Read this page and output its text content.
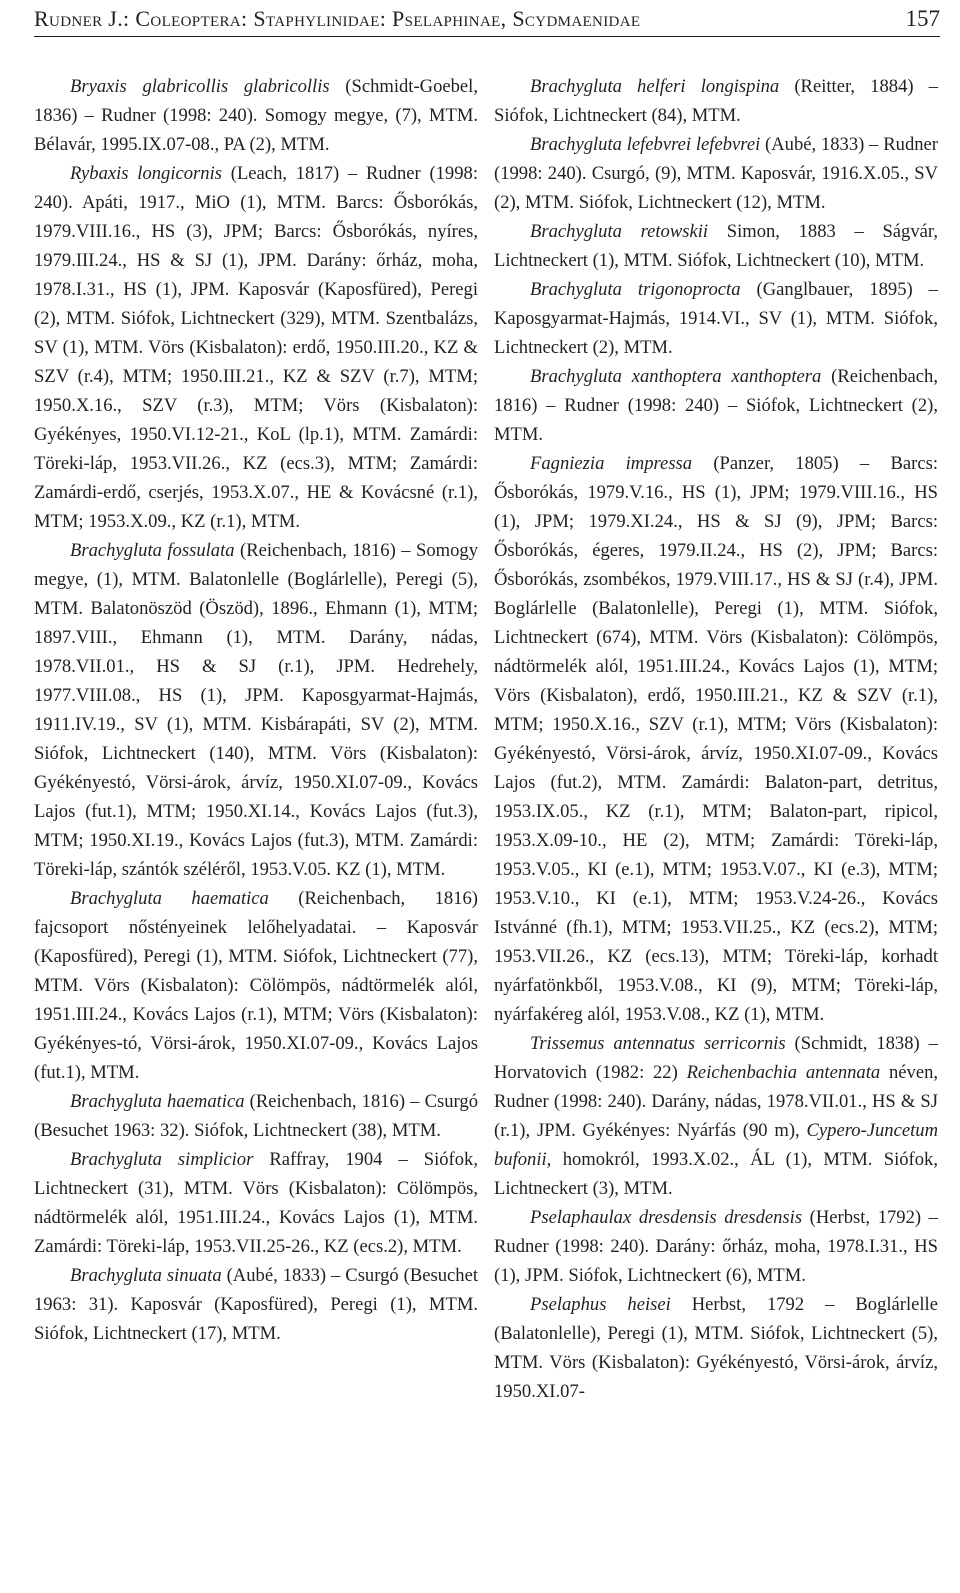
Rudner J.: Coleoptera: Staphylinidae: Pselaphinae, Scydmaenidae	157

Bryaxis glabricollis glabricollis (Schmidt-Goebel, 1836) – Rudner (1998: 240). Somogy megye, (7), MTM. Bélavár, 1995.IX.07-08., PA (2), MTM.

Rybaxis longicornis (Leach, 1817) – Rudner (1998: 240). Apáti, 1917., MiO (1), MTM. Barcs: Ősborókás, 1979.VIII.16., HS (3), JPM; Barcs: Ősborókás, nyíres, 1979.III.24., HS & SJ (1), JPM. Darány: őrház, moha, 1978.I.31., HS (1), JPM. Kaposvár (Kaposfüred), Peregi (2), MTM. Siófok, Lichtneckert (329), MTM. Szentbalázs, SV (1), MTM. Vörs (Kisbalaton): erdő, 1950.III.20., KZ & SZV (r.4), MTM; 1950.III.21., KZ & SZV (r.7), MTM; 1950.X.16., SZV (r.3), MTM; Vörs (Kisbalaton): Gyékényes, 1950.VI.12-21., KoL (lp.1), MTM. Zamárdi: Töreki-láp, 1953.VII.26., KZ (ecs.3), MTM; Zamárdi: Zamárdi-erdő, cserjés, 1953.X.07., HE & Kovácsné (r.1), MTM; 1953.X.09., KZ (r.1), MTM.

Brachygluta fossulata (Reichenbach, 1816) – Somogy megye, (1), MTM. Balatonlelle (Boglárlelle), Peregi (5), MTM. Balatonöszöd (Öszöd), 1896., Ehmann (1), MTM; 1897.VIII., Ehmann (1), MTM. Darány, nádas, 1978.VII.01., HS & SJ (r.1), JPM. Hedrehely, 1977.VIII.08., HS (1), JPM. Kaposgyarmat-Hajmás, 1911.IV.19., SV (1), MTM. Kisbárapáti, SV (2), MTM. Siófok, Lichtneckert (140), MTM. Vörs (Kisbalaton): Gyékényestó, Vörsi-árok, árvíz, 1950.XI.07-09., Kovács Lajos (fut.1), MTM; 1950.XI.14., Kovács Lajos (fut.3), MTM; 1950.XI.19., Kovács Lajos (fut.3), MTM. Zamárdi: Töreki-láp, szántók széléről, 1953.V.05. KZ (1), MTM.

Brachygluta haematica (Reichenbach, 1816) fajcsoport nőstényeinek lelőhelyadatai. – Kaposvár (Kaposfüred), Peregi (1), MTM. Siófok, Lichtneckert (77), MTM. Vörs (Kisbalaton): Cölömpös, nádtörmelék alól, 1951.III.24., Kovács Lajos (r.1), MTM; Vörs (Kisbalaton): Gyékényes-tó, Vörsi-árok, 1950.XI.07-09., Kovács Lajos (fut.1), MTM.

Brachygluta haematica (Reichenbach, 1816) – Csurgó (Besuchet 1963: 32). Siófok, Lichtneckert (38), MTM.

Brachygluta simplicior Raffray, 1904 – Siófok, Lichtneckert (31), MTM. Vörs (Kisbalaton): Cölömpös, nádtörmelék alól, 1951.III.24., Kovács Lajos (1), MTM. Zamárdi: Töreki-láp, 1953.VII.25-26., KZ (ecs.2), MTM.

Brachygluta sinuata (Aubé, 1833) – Csurgó (Besuchet 1963: 31). Kaposvár (Kaposfüred), Peregi (1), MTM. Siófok, Lichtneckert (17), MTM.

Brachygluta helferi longispina (Reitter, 1884) – Siófok, Lichtneckert (84), MTM.

Brachygluta lefebvrei lefebvrei (Aubé, 1833) – Rudner (1998: 240). Csurgó, (9), MTM. Kaposvár, 1916.X.05., SV (2), MTM. Siófok, Lichtneckert (12), MTM.

Brachygluta retowskii Simon, 1883 – Ságvár, Lichtneckert (1), MTM. Siófok, Lichtneckert (10), MTM.

Brachygluta trigonoprocta (Ganglbauer, 1895) – Kaposgyarmat-Hajmás, 1914.VI., SV (1), MTM. Siófok, Lichtneckert (2), MTM.

Brachygluta xanthoptera xanthoptera (Reichenbach, 1816) – Rudner (1998: 240) – Siófok, Lichtneckert (2), MTM.

Fagniezia impressa (Panzer, 1805) – Barcs: Ősborókás, 1979.V.16., HS (1), JPM; 1979.VIII.16., HS (1), JPM; 1979.XI.24., HS & SJ (9), JPM; Barcs: Ősborókás, égeres, 1979.II.24., HS (2), JPM; Barcs: Ősborókás, zsombékos, 1979.VIII.17., HS & SJ (r.4), JPM. Boglárlelle (Balatonlelle), Peregi (1), MTM. Siófok, Lichtneckert (674), MTM. Vörs (Kisbalaton): Cölömpös, nádtörmelék alól, 1951.III.24., Kovács Lajos (1), MTM; Vörs (Kisbalaton), erdő, 1950.III.21., KZ & SZV (r.1), MTM; 1950.X.16., SZV (r.1), MTM; Vörs (Kisbalaton): Gyékényestó, Vörsi-árok, árvíz, 1950.XI.07-09., Kovács Lajos (fut.2), MTM. Zamárdi: Balaton-part, detritus, 1953.IX.05., KZ (r.1), MTM; Balaton-part, ripicol, 1953.X.09-10., HE (2), MTM; Zamárdi: Töreki-láp, 1953.V.05., KI (e.1), MTM; 1953.V.07., KI (e.3), MTM; 1953.V.10., KI (e.1), MTM; 1953.V.24-26., Kovács Istvánné (fh.1), MTM; 1953.VII.25., KZ (ecs.2), MTM; 1953.VII.26., KZ (ecs.13), MTM; Töreki-láp, korhadt nyárfatönkből, 1953.V.08., KI (9), MTM; Töreki-láp, nyárfakéreg alól, 1953.V.08., KZ (1), MTM.

Trissemus antennatus serricornis (Schmidt, 1838) – Horvatovich (1982: 22) Reichenbachia antennata néven, Rudner (1998: 240). Darány, nádas, 1978.VII.01., HS & SJ (r.1), JPM. Gyékényes: Nyárfás (90 m), Cypero-Juncetum bufonii, homokról, 1993.X.02., ÁL (1), MTM. Siófok, Lichtneckert (3), MTM.

Pselaphaulax dresdensis dresdensis (Herbst, 1792) – Rudner (1998: 240). Darány: őrház, moha, 1978.I.31., HS (1), JPM. Siófok, Lichtneckert (6), MTM.

Pselaphus heisei Herbst, 1792 – Boglárlelle (Balatonlelle), Peregi (1), MTM. Siófok, Lichtneckert (5), MTM. Vörs (Kisbalaton): Gyékényestó, Vörsi-árok, árvíz, 1950.XI.07-
